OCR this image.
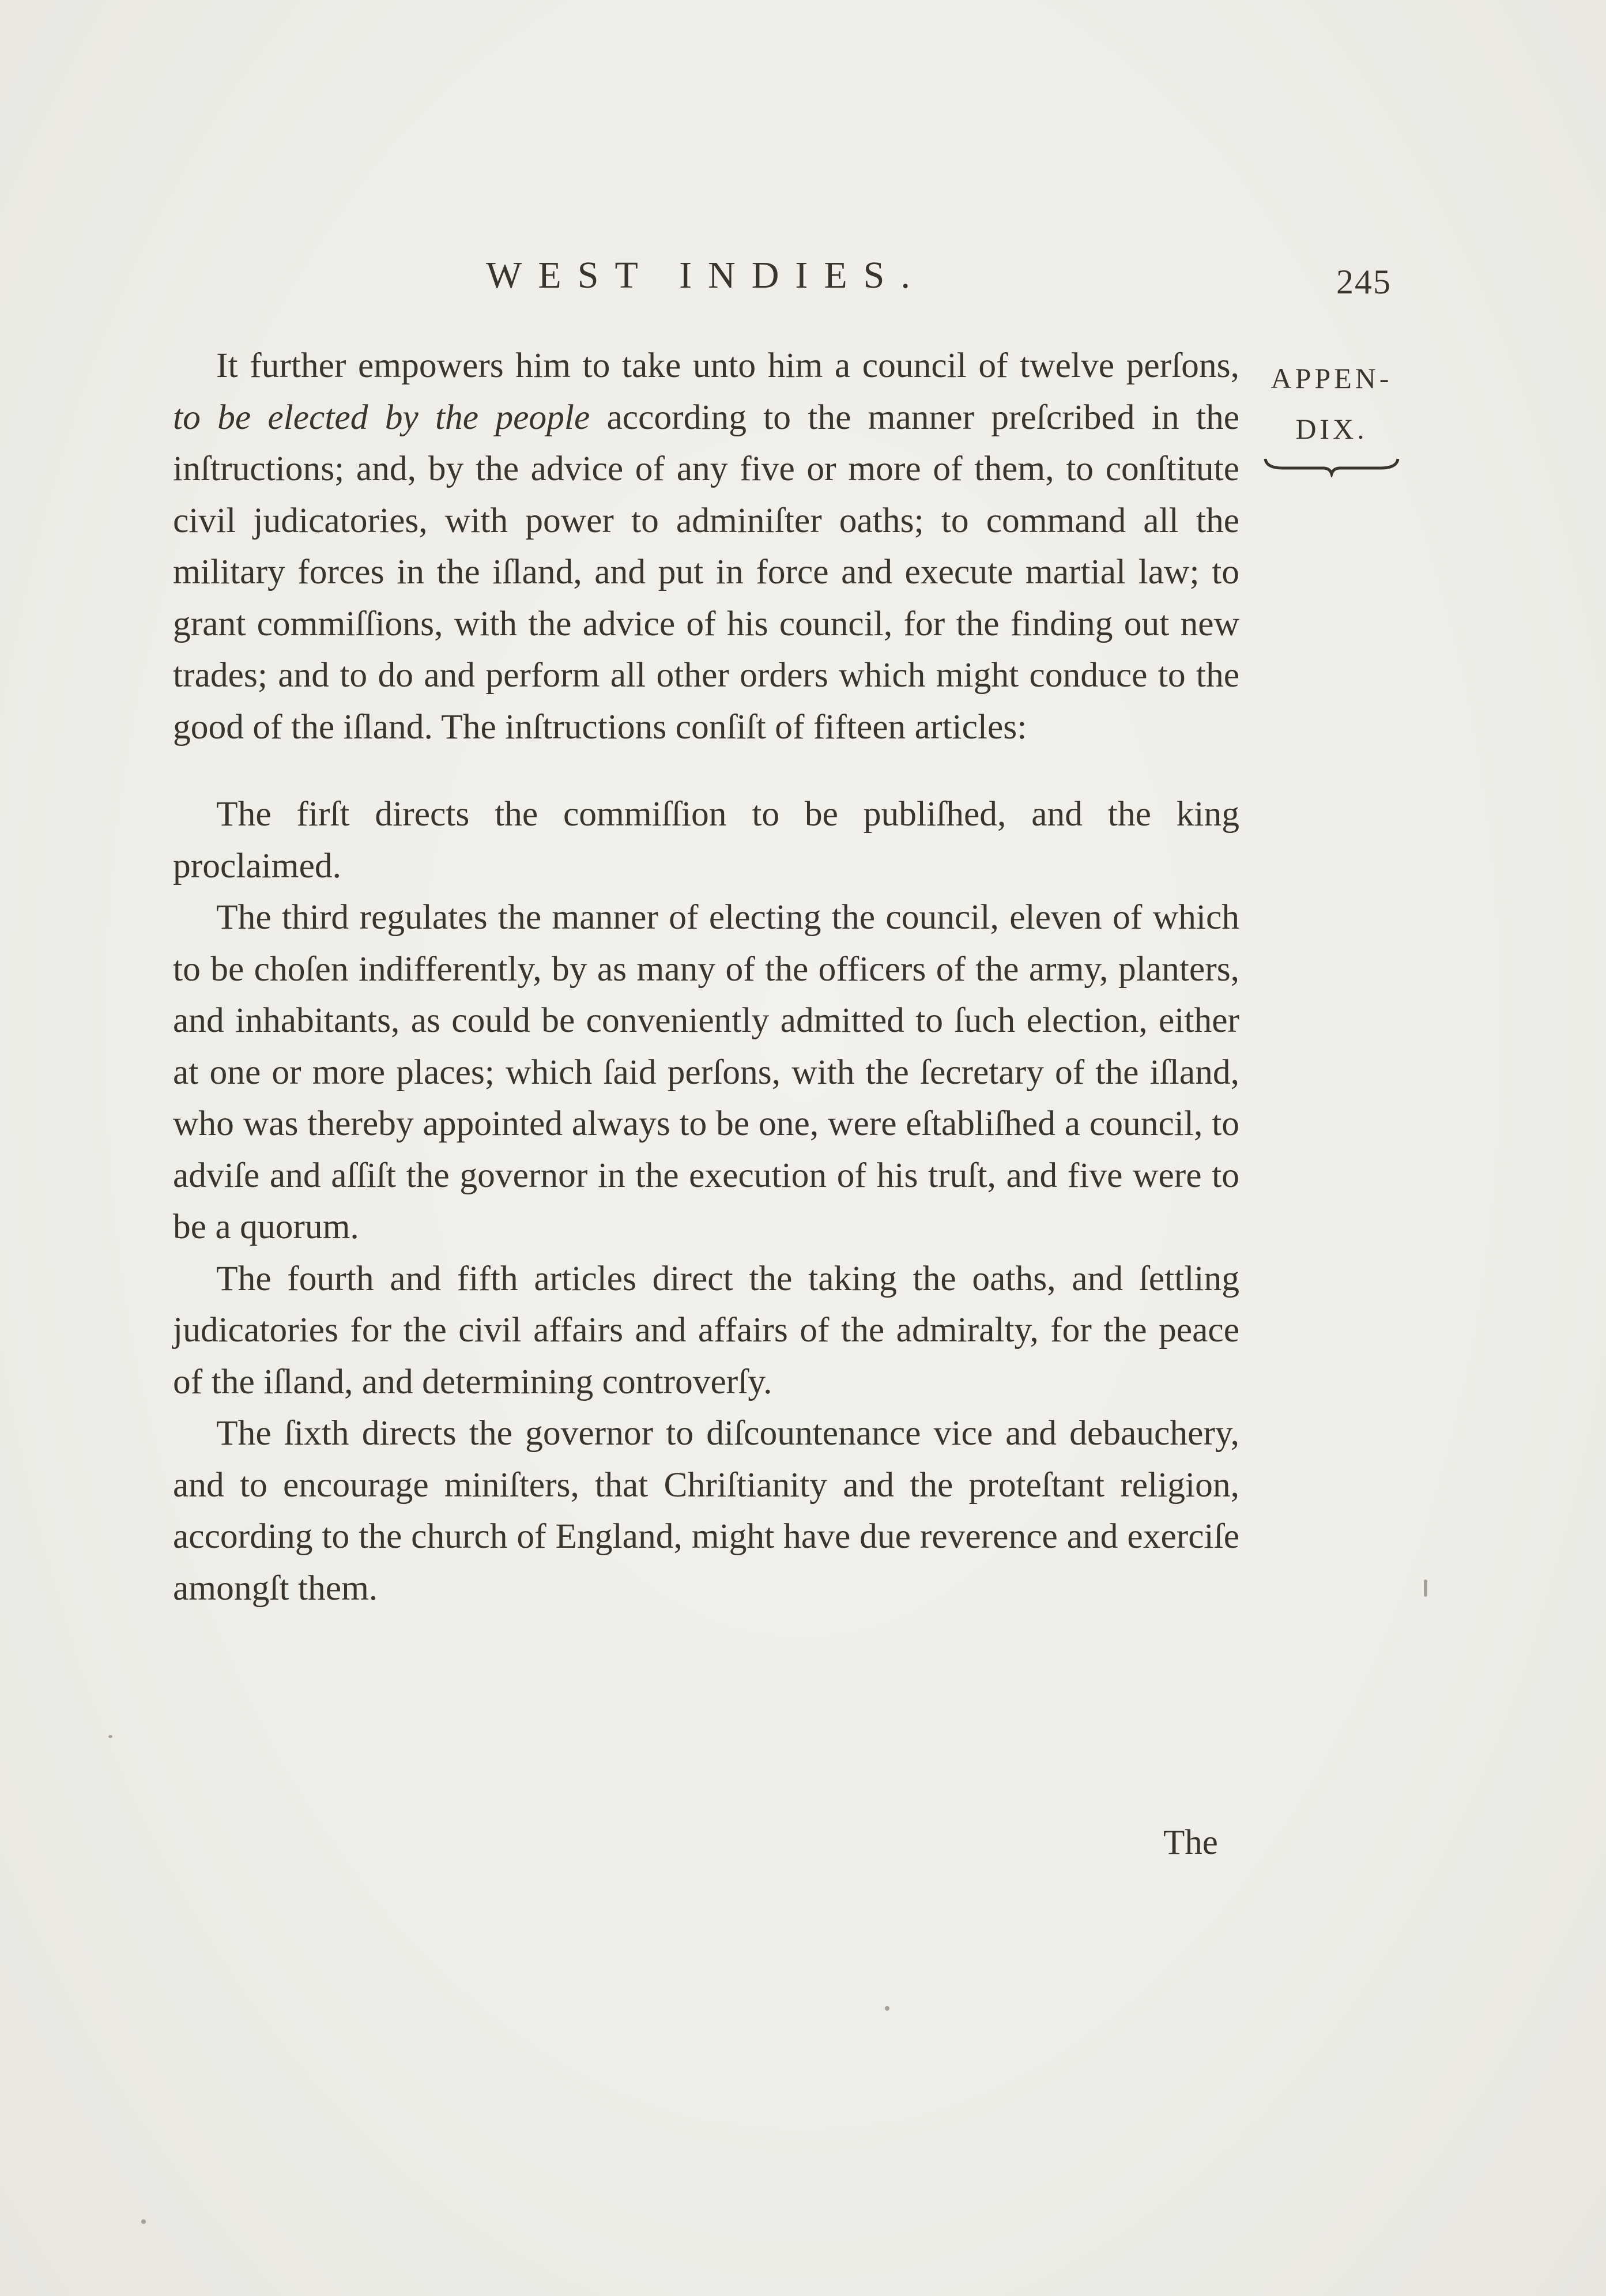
WEST INDIES.	245
APPEN-
DIX.

It further empowers him to take unto him a council of twelve perſons, to be elected by the people according to the manner preſcribed in the inſtructions; and, by the advice of any five or more of them, to conſtitute civil judicatories, with power to adminiſter oaths; to command all the military forces in the iſland, and put in force and execute martial law; to grant commiſſions, with the advice of his council, for the finding out new trades; and to do and perform all other orders which might conduce to the good of the iſland. The inſtructions conſiſt of fifteen articles:

The firſt directs the commiſſion to be publiſhed, and the king proclaimed.

The third regulates the manner of electing the council, eleven of which to be choſen indifferently, by as many of the officers of the army, planters, and inhabitants, as could be conveniently admitted to ſuch election, either at one or more places; which ſaid perſons, with the ſecretary of the iſland, who was thereby appointed always to be one, were eſtabliſhed a council, to adviſe and aſſiſt the governor in the execution of his truſt, and five were to be a quorum.

The fourth and fifth articles direct the taking the oaths, and ſettling judicatories for the civil affairs and affairs of the admiralty, for the peace of the iſland, and determining controverſy.

The ſixth directs the governor to diſcountenance vice and debauchery, and to encourage miniſters, that Chriſtianity and the proteſtant religion, according to the church of England, might have due reverence and exerciſe amongſt them.

The
